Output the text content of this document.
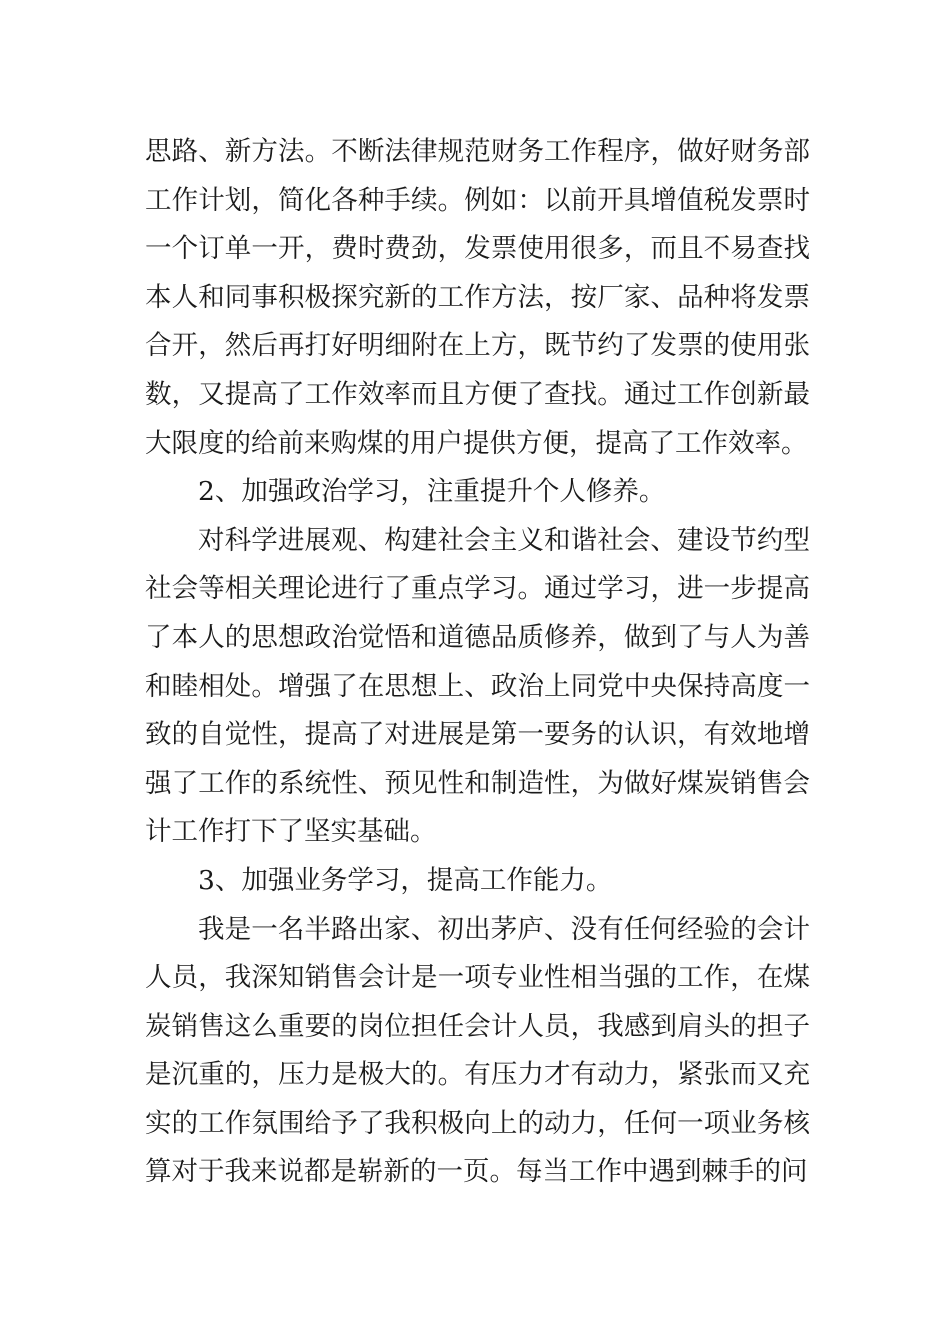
思路、新方法。不断法律规范财务工作程序，做好财务部工作计划，简化各种手续。例如：以前开具增值税发票时一个订单一开，费时费劲，发票使用很多，而且不易查找本人和同事积极探究新的工作方法，按厂家、品种将发票合开，然后再打好明细附在上方，既节约了发票的使用张数，又提高了工作效率而且方便了查找。通过工作创新最大限度的给前来购煤的用户提供方便，提高了工作效率。

2、加强政治学习，注重提升个人修养。

对科学进展观、构建社会主义和谐社会、建设节约型社会等相关理论进行了重点学习。通过学习，进一步提高了本人的思想政治觉悟和道德品质修养，做到了与人为善和睦相处。增强了在思想上、政治上同党中央保持高度一致的自觉性，提高了对进展是第一要务的认识，有效地增强了工作的系统性、预见性和制造性，为做好煤炭销售会计工作打下了坚实基础。

3、加强业务学习，提高工作能力。

我是一名半路出家、初出茅庐、没有任何经验的会计人员，我深知销售会计是一项专业性相当强的工作，在煤炭销售这么重要的岗位担任会计人员，我感到肩头的担子是沉重的，压力是极大的。有压力才有动力，紧张而又充实的工作氛围给予了我积极向上的动力，任何一项业务核算对于我来说都是崭新的一页。每当工作中遇到棘手的问
